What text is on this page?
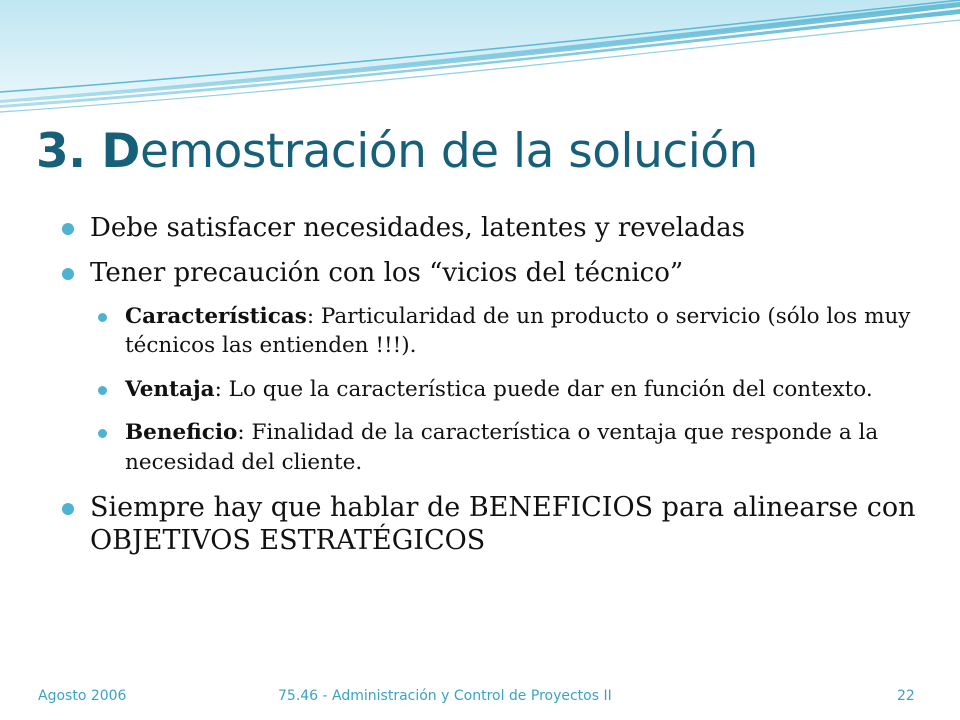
3. Demostración de la solución
Debe satisfacer necesidades, latentes y reveladas
Tener precaución con los “vicios del técnico”
Características: Particularidad de un producto o servicio (sólo los muy técnicos las entienden !!!).
Ventaja: Lo que la característica puede dar en función del contexto.
Beneficio: Finalidad de la característica o ventaja que responde a la necesidad del cliente.
Siempre hay que hablar de BENEFICIOS para alinearse con OBJETIVOS ESTRATÉGICOS
Agosto 2006	75.46 - Administración y Control de Proyectos II	22
